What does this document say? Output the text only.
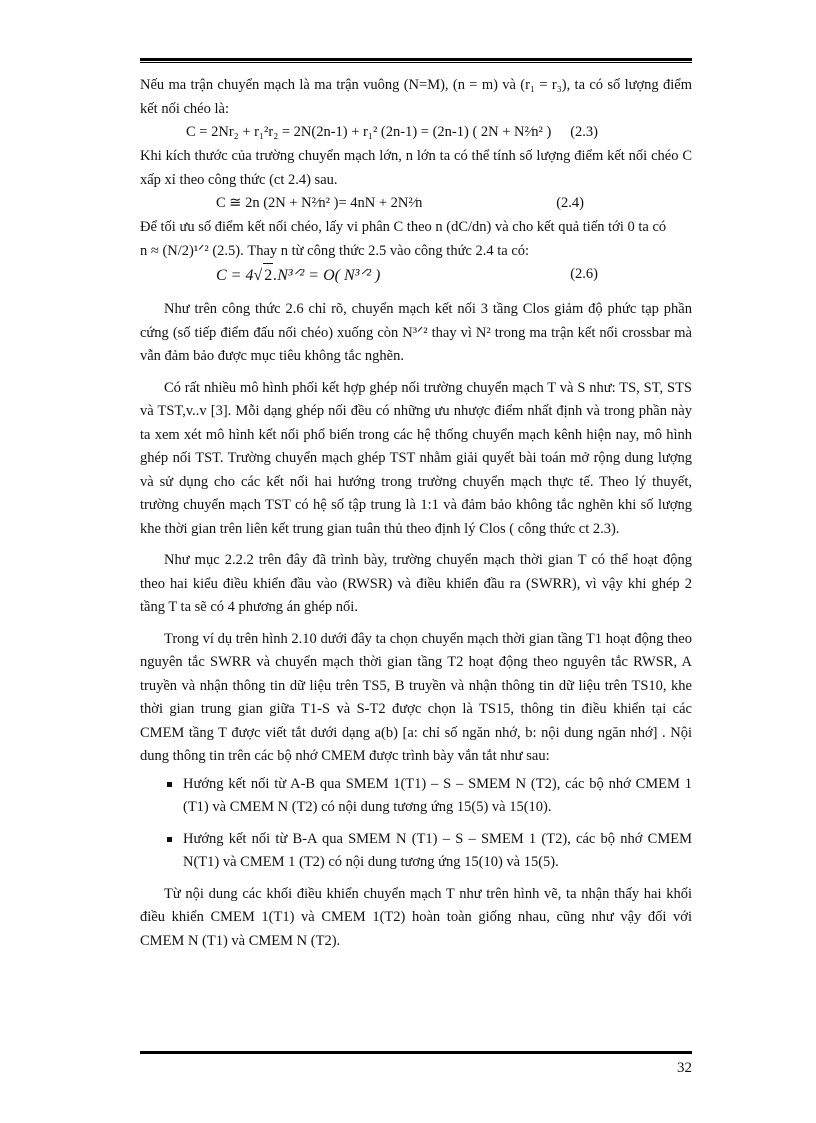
Nếu ma trận chuyển mạch là ma trận vuông (N=M), (n = m) và (r₁ = r₃), ta có số lượng điểm kết nối chéo là:

C = 2Nr₂ + r₁²r₂ = 2N(2n-1) + r₁² (2n-1) = (2n-1) ( 2N + N²∕n² ) (2.3)

Khi kích thước của trường chuyển mạch lớn, n lớn ta có thể tính số lượng điểm kết nối chéo C xấp xỉ theo công thức (ct 2.4) sau.

C ≅ 2n (2N + N²∕n² )= 4nN + 2N²∕n	(2.4)

Để tối ưu số điểm kết nối chéo, lấy vi phân C theo n (dC/dn) và cho kết quả tiến tới 0 ta có

n ≈ (N/2)¹ᐟ² (2.5). Thay n từ công thức 2.5 vào công thức 2.4 ta có:

C = 4√ 2.N³ᐟ² = O( N³ᐟ² )	(2.6)

Như trên công thức 2.6 chỉ rõ, chuyển mạch kết nối 3 tầng Clos giảm độ phức tạp phần cứng (số tiếp điểm đấu nối chéo) xuống còn N³ᐟ² thay vì N² trong ma trận kết nối crossbar mà vẫn đảm bảo được mục tiêu không tắc nghẽn.

Có rất nhiều mô hình phối kết hợp ghép nối trường chuyển mạch T và S như: TS, ST, STS và TST,v..v [3]. Mỗi dạng ghép nối đều có những ưu nhược điểm nhất định và trong phần này ta xem xét mô hình kết nối phổ biến trong các hệ thống chuyển mạch kênh hiện nay, mô hình ghép nối TST. Trường chuyển mạch ghép TST nhằm giải quyết bài toán mở rộng dung lượng và sử dụng cho các kết nối hai hướng trong trường chuyển mạch thực tế. Theo lý thuyết, trường chuyển mạch TST có hệ số tập trung là 1:1 và đảm bảo không tắc nghẽn khi số lượng khe thời gian trên liên kết trung gian tuân thủ theo định lý Clos ( công thức ct 2.3).

Như mục 2.2.2 trên đây đã trình bày, trường chuyển mạch thời gian T có thể hoạt động theo hai kiểu điều khiển đầu vào (RWSR) và điều khiển đầu ra (SWRR), vì vậy khi ghép 2 tầng T ta sẽ có 4 phương án ghép nối.

Trong ví dụ trên hình 2.10 dưới đây ta chọn chuyển mạch thời gian tầng T1 hoạt động theo nguyên tắc SWRR và chuyển mạch thời gian tầng T2 hoạt động theo nguyên tắc RWSR, A truyền và nhận thông tin dữ liệu trên TS5, B truyền và nhận thông tin dữ liệu trên TS10, khe thời gian trung gian giữa T1-S và S-T2 được chọn là TS15, thông tin điều khiển tại các CMEM tầng T được viết tắt dưới dạng a(b) [a: chỉ số ngăn nhớ, b: nội dung ngăn nhớ] . Nội dung thông tin trên các bộ nhớ CMEM được trình bày vắn tắt như sau:

Hướng kết nối từ A-B qua SMEM 1(T1) – S – SMEM N (T2), các bộ nhớ CMEM 1 (T1) và CMEM N (T2) có nội dung tương ứng 15(5) và 15(10).
Hướng kết nối từ B-A qua SMEM N (T1) – S – SMEM 1 (T2), các bộ nhớ CMEM N(T1) và CMEM 1 (T2) có nội dung tương ứng 15(10) và 15(5).

Từ nội dung các khối điều khiển chuyển mạch T như trên hình vẽ, ta nhận thấy hai khối điều khiển CMEM 1(T1) và CMEM 1(T2) hoàn toàn giống nhau, cũng như vậy đối với CMEM N (T1) và CMEM N (T2).

32
